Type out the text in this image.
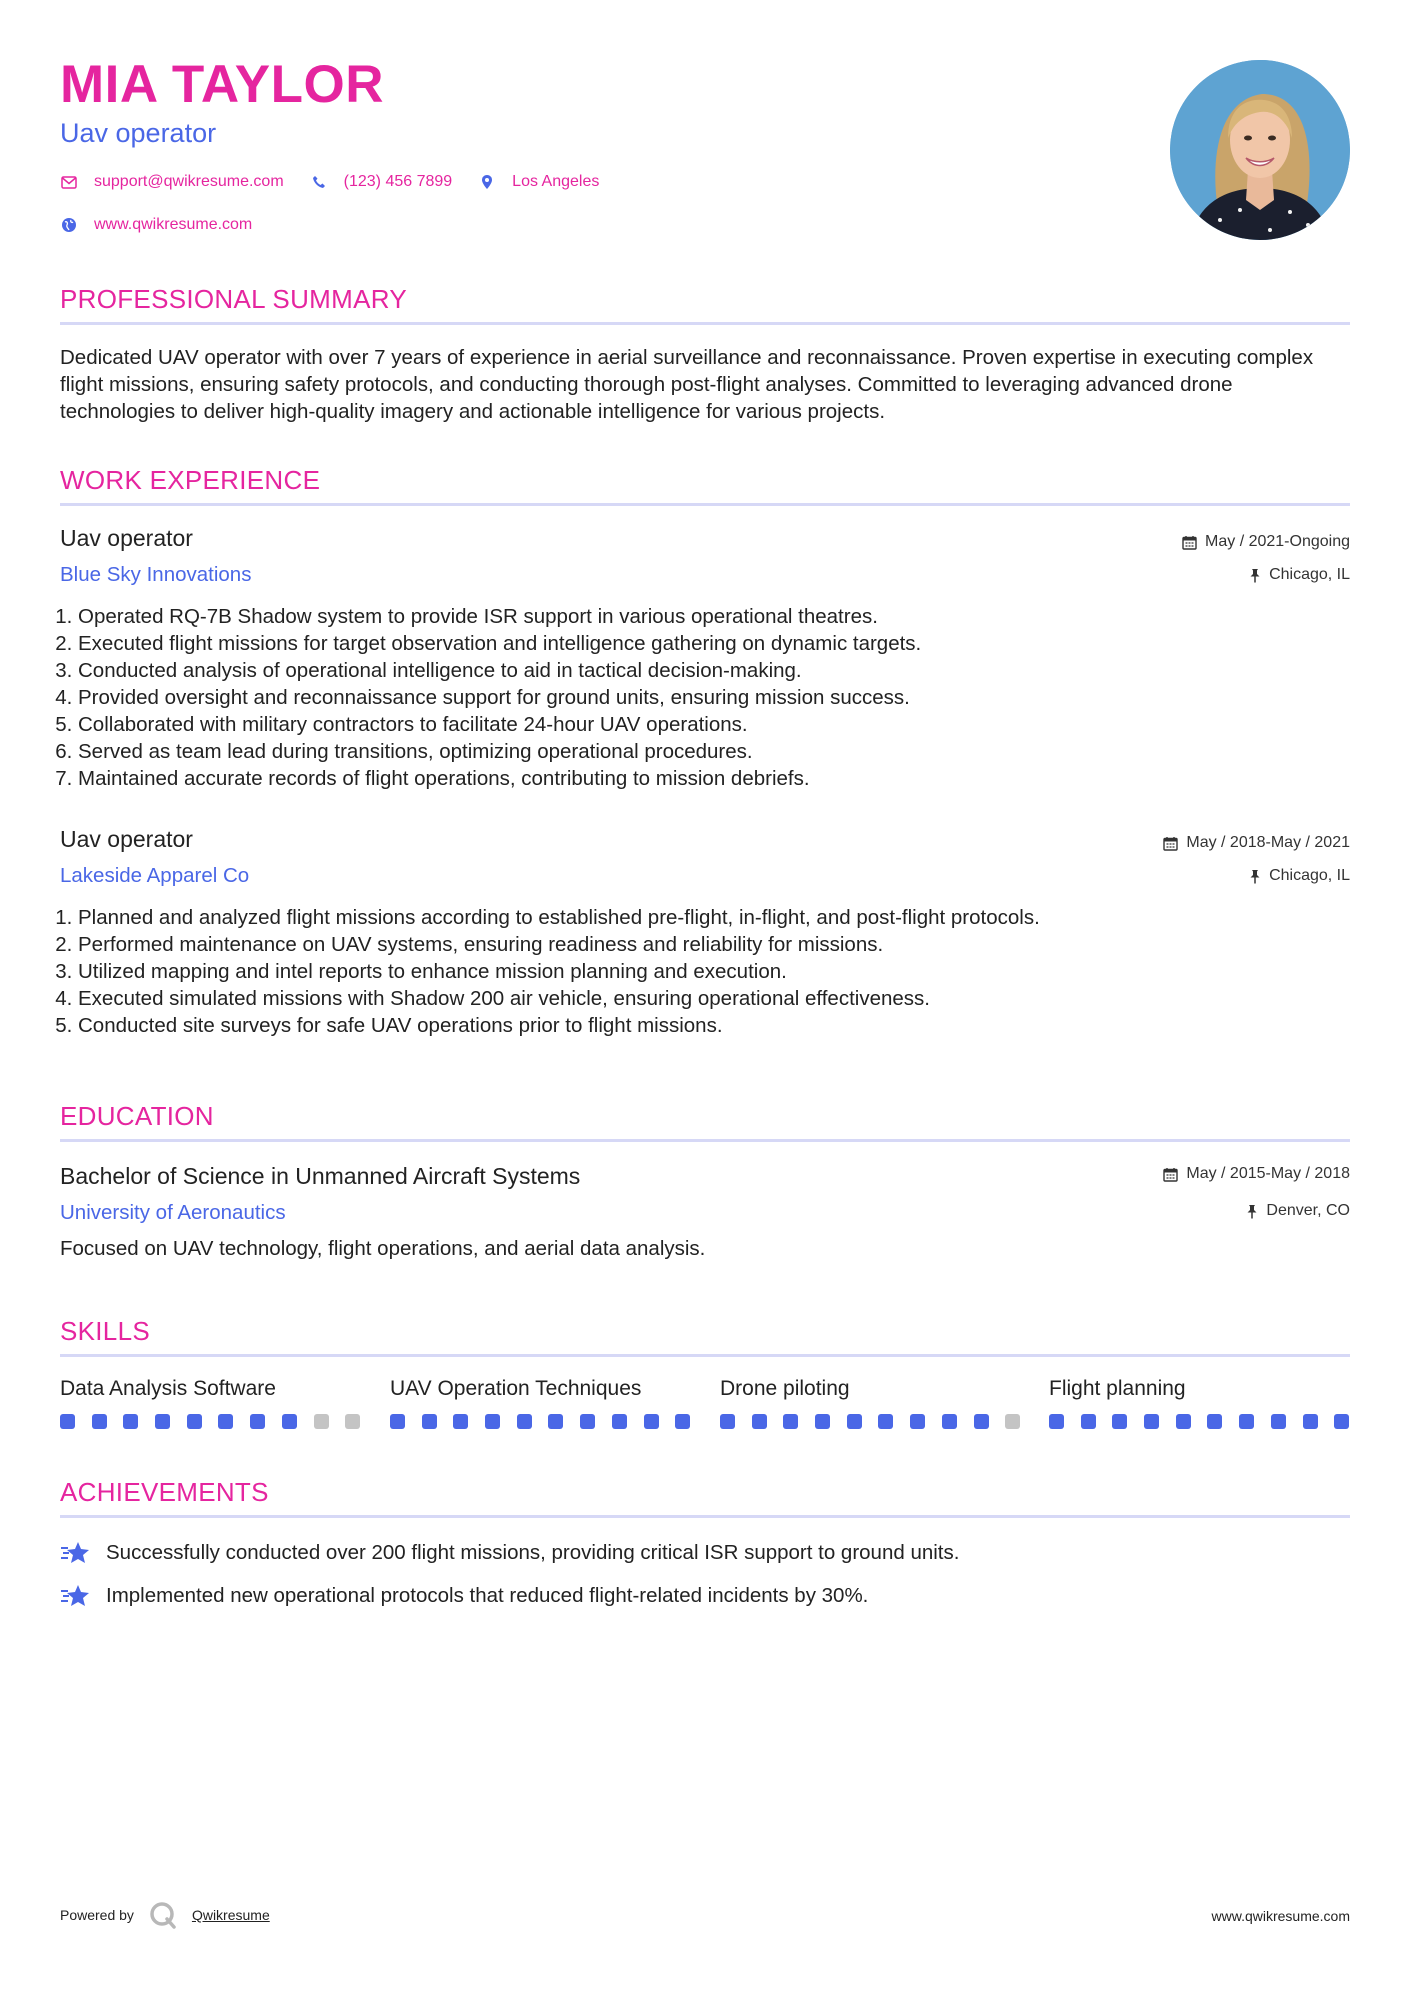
MIA TAYLOR
Uav operator
support@qwikresume.com	(123) 456 7899	Los Angeles
www.qwikresume.com
PROFESSIONAL SUMMARY
Dedicated UAV operator with over 7 years of experience in aerial surveillance and reconnaissance. Proven expertise in executing complex flight missions, ensuring safety protocols, and conducting thorough post-flight analyses. Committed to leveraging advanced drone technologies to deliver high-quality imagery and actionable intelligence for various projects.
WORK EXPERIENCE
Uav operator
Blue Sky Innovations
May / 2021-Ongoing
Chicago, IL
1. Operated RQ-7B Shadow system to provide ISR support in various operational theatres.
2. Executed flight missions for target observation and intelligence gathering on dynamic targets.
3. Conducted analysis of operational intelligence to aid in tactical decision-making.
4. Provided oversight and reconnaissance support for ground units, ensuring mission success.
5. Collaborated with military contractors to facilitate 24-hour UAV operations.
6. Served as team lead during transitions, optimizing operational procedures.
7. Maintained accurate records of flight operations, contributing to mission debriefs.
Uav operator
Lakeside Apparel Co
May / 2018-May / 2021
Chicago, IL
1. Planned and analyzed flight missions according to established pre-flight, in-flight, and post-flight protocols.
2. Performed maintenance on UAV systems, ensuring readiness and reliability for missions.
3. Utilized mapping and intel reports to enhance mission planning and execution.
4. Executed simulated missions with Shadow 200 air vehicle, ensuring operational effectiveness.
5. Conducted site surveys for safe UAV operations prior to flight missions.
EDUCATION
Bachelor of Science in Unmanned Aircraft Systems
University of Aeronautics
May / 2015-May / 2018
Denver, CO
Focused on UAV technology, flight operations, and aerial data analysis.
SKILLS
Data Analysis Software	UAV Operation Techniques	Drone piloting	Flight planning
ACHIEVEMENTS
Successfully conducted over 200 flight missions, providing critical ISR support to ground units.
Implemented new operational protocols that reduced flight-related incidents by 30%.
Powered by	Qwikresume	www.qwikresume.com
